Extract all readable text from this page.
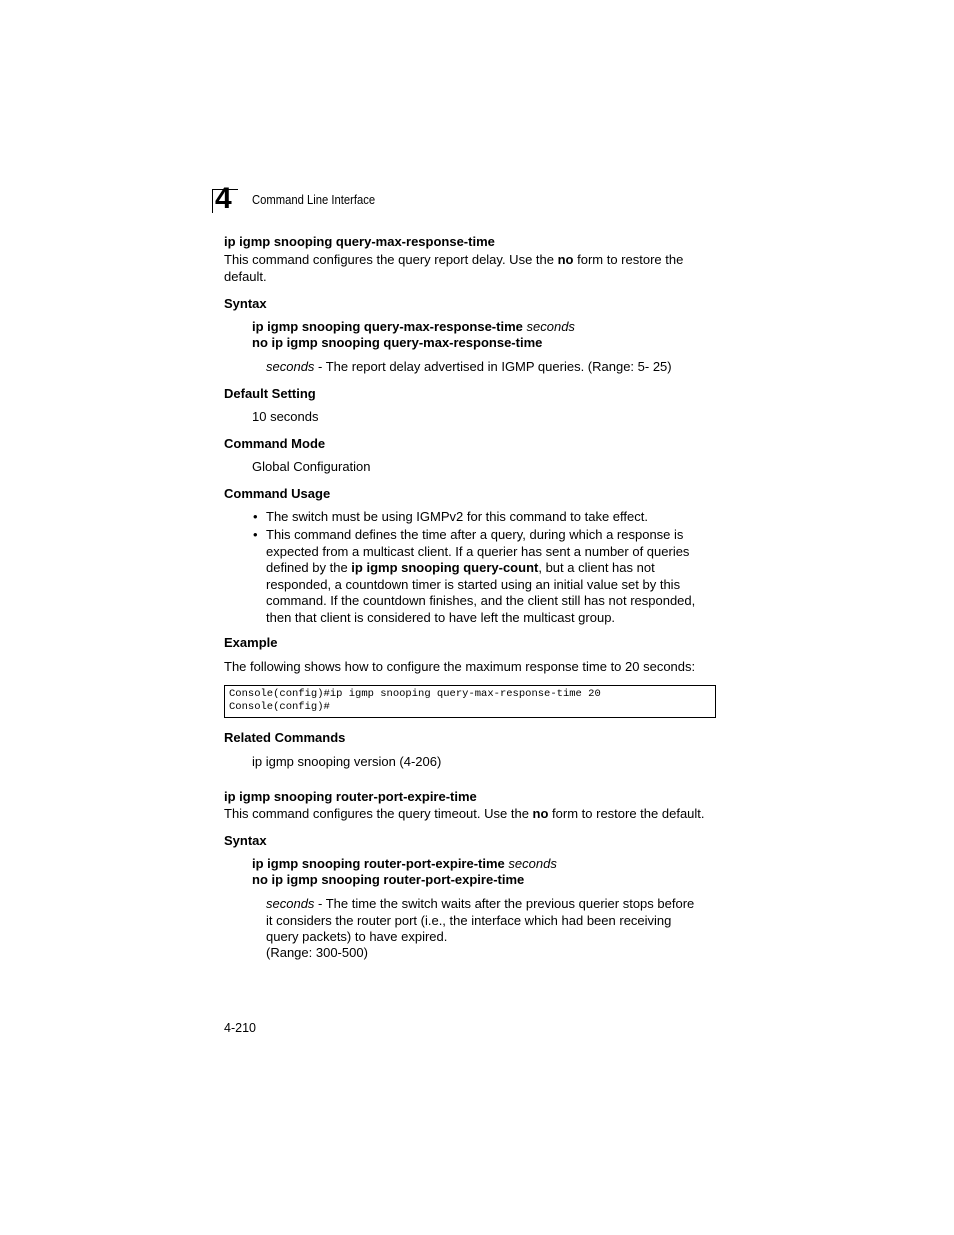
4 Command Line Interface
ip igmp snooping query-max-response-time
This command configures the query report delay. Use the no form to restore the
default.
Syntax
ip igmp snooping query-max-response-time seconds
no ip igmp snooping query-max-response-time
seconds - The report delay advertised in IGMP queries. (Range: 5- 25)
Default Setting
10 seconds
Command Mode
Global Configuration
Command Usage
• The switch must be using IGMPv2 for this command to take effect.
• This command defines the time after a query, during which a response is expected from a multicast client. If a querier has sent a number of queries defined by the ip igmp snooping query-count, but a client has not responded, a countdown timer is started using an initial value set by this command. If the countdown finishes, and the client still has not responded, then that client is considered to have left the multicast group.
Example
The following shows how to configure the maximum response time to 20 seconds:
Console(config)#ip igmp snooping query-max-response-time 20
Console(config)#
Related Commands
ip igmp snooping version (4-206)
ip igmp snooping router-port-expire-time
This command configures the query timeout. Use the no form to restore the default.
Syntax
ip igmp snooping router-port-expire-time seconds
no ip igmp snooping router-port-expire-time
seconds - The time the switch waits after the previous querier stops before
it considers the router port (i.e., the interface which had been receiving
query packets) to have expired.
(Range: 300-500)
4-210
